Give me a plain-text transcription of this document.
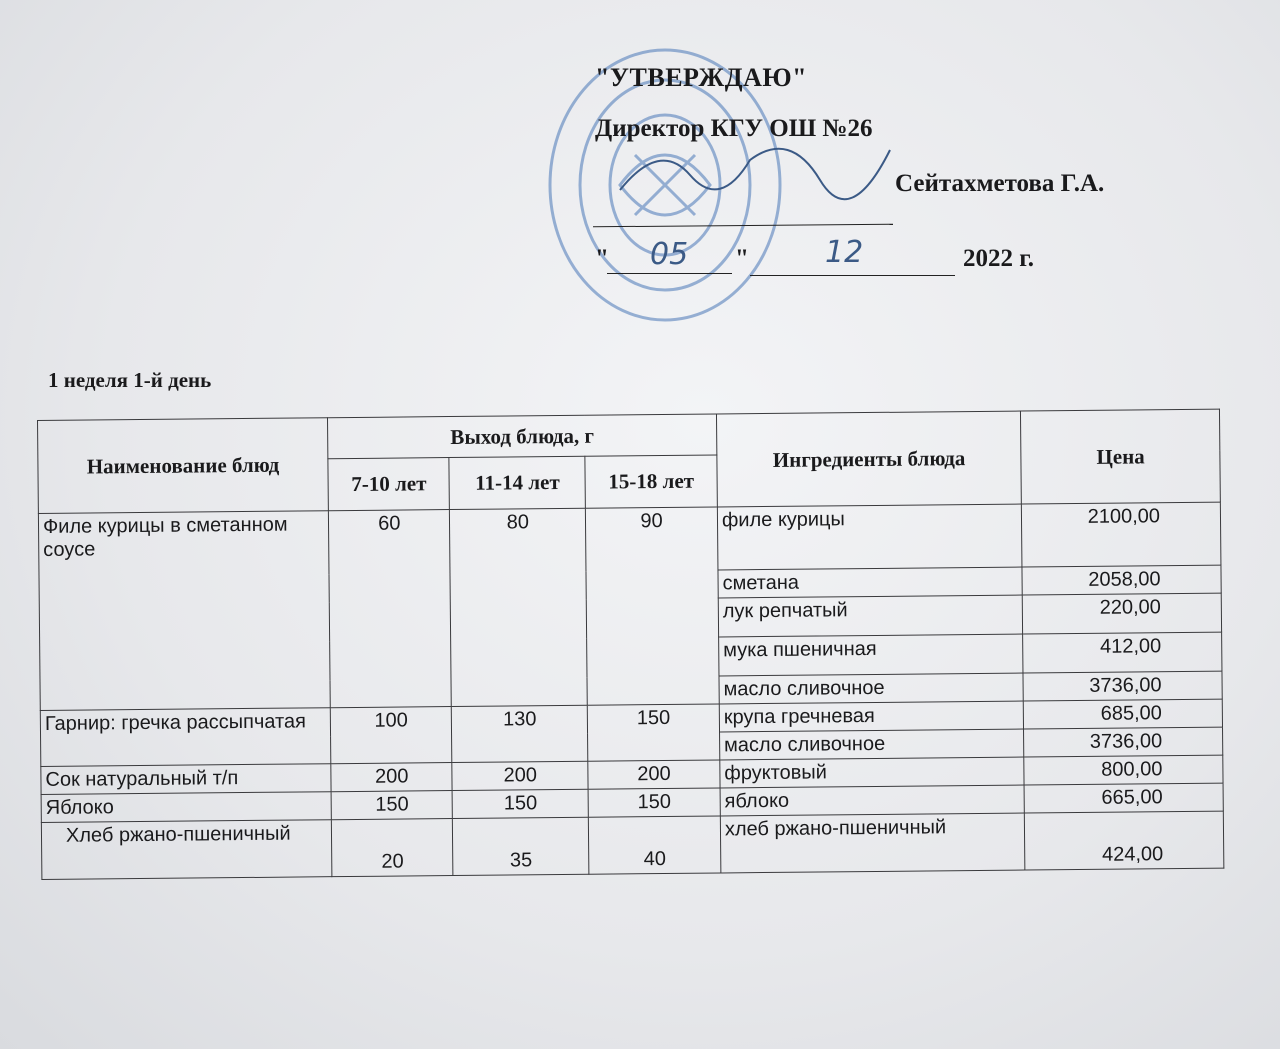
"УТВЕРЖДАЮ"
Директор КГУ ОШ №26
Сейтахметова Г.А.
" 05 "	12	2022 г.
1 неделя 1-й день
Наименование блюд	Выход блюда, г			Ингредиенты блюда	Цена
	7-10 лет	11-14 лет	15-18 лет		
Филе курицы в сметанном соусе	60	80	90	филе курицы	2100,00
				сметана	2058,00
				лук репчатый	220,00
				мука пшеничная	412,00
				масло сливочное	3736,00
Гарнир: гречка рассыпчатая	100	130	150	крупа гречневая	685,00
				масло сливочное	3736,00
Сок натуральный т/п	200	200	200	фруктовый	800,00
Яблоко	150	150	150	яблоко	665,00
Хлеб ржано-пшеничный	20	35	40	хлеб ржано-пшеничный	424,00
